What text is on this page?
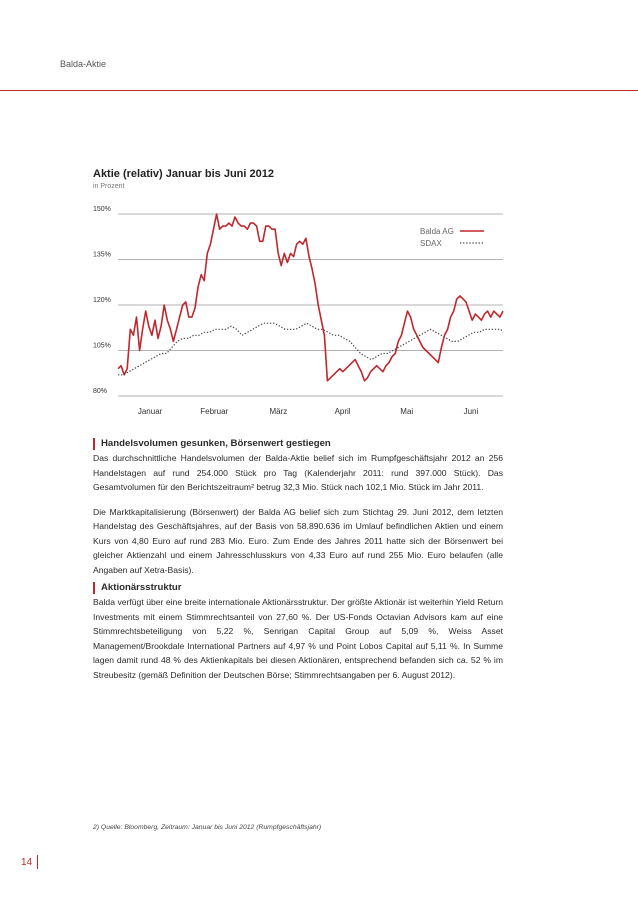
Balda-Aktie
Aktie (relativ) Januar bis Juni 2012
in Prozent
150%
135%
120%
105%
80%
Januar	Februar	März	April	Mai	Juni
Balda AG
SDAX
Handelsvolumen gesunken, Börsenwert gestiegen

Das durchschnittliche Handelsvolumen der Balda-Aktie belief sich im Rumpfgeschäftsjahr 2012 an 256 Handelstagen auf rund 254.000 Stück pro Tag (Kalenderjahr 2011: rund 397.000 Stück). Das Gesamtvolumen für den Berichtszeitraum² betrug 32,3 Mio. Stück nach 102,1 Mio. Stück im Jahr 2011.

Die Marktkapitalisierung (Börsenwert) der Balda AG belief sich zum Stichtag 29. Juni 2012, dem letzten Handelstag des Geschäftsjahres, auf der Basis von 58.890.636 im Umlauf befindlichen Aktien und einem Kurs von 4,80 Euro auf rund 283 Mio. Euro. Zum Ende des Jahres 2011 hatte sich der Börsenwert bei gleicher Aktienzahl und einem Jahresschlusskurs von 4,33 Euro auf rund 255 Mio. Euro belaufen (alle Angaben auf Xetra-Basis).

Aktionärsstruktur

Balda verfügt über eine breite internationale Aktionärsstruktur. Der größte Aktionär ist weiterhin Yield Return Investments mit einem Stimmrechtsanteil von 27,60 %. Der US-Fonds Octavian Advisors kam auf eine Stimmrechtsbeteiligung von 5,22 %, Senrigan Capital Group auf 5,09 %, Weiss Asset Management/Brookdale International Partners auf 4,97 % und Point Lobos Capital auf 5,11 %. In Summe lagen damit rund 48 % des Aktienkapitals bei diesen Aktionären, entsprechend befanden sich ca. 52 % im Streubesitz (gemäß Definition der Deutschen Börse; Stimmrechtsangaben per 6. August 2012).

2) Quelle: Bloomberg, Zeitraum: Januar bis Juni 2012 (Rumpfgeschäftsjahr)
14
